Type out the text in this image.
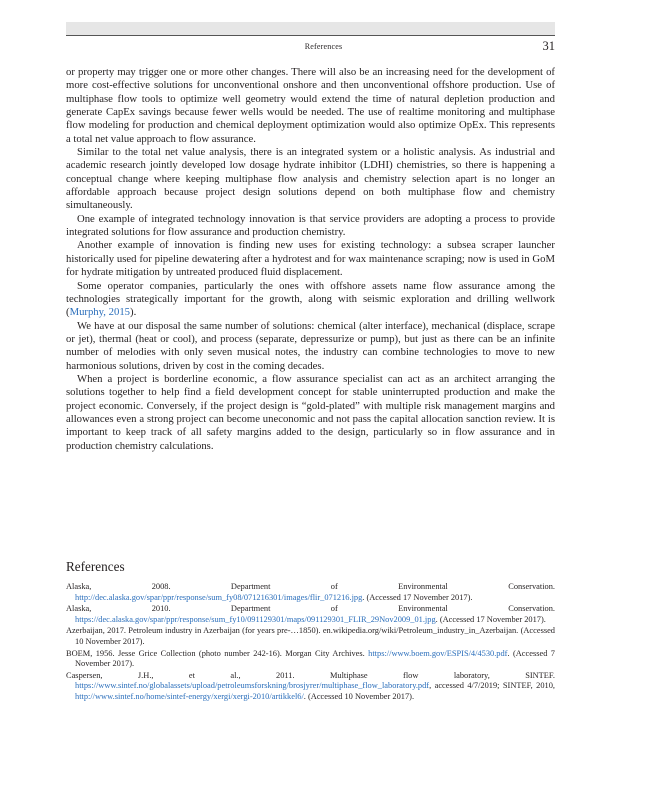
References	31

or property may trigger one or more other changes. There will also be an increasing need for the development of more cost-effective solutions for unconventional onshore and then unconventional offshore production. Use of multiphase flow tools to optimize well geometry would extend the time of natural depletion production and generate CapEx savings because fewer wells would be needed. The use of realtime monitoring and multiphase flow modeling for production and chemical deployment optimization would also optimize OpEx. This represents a total net value approach to flow assurance.

Similar to the total net value analysis, there is an integrated system or a holistic analysis. As industrial and academic research jointly developed low dosage hydrate inhibitor (LDHI) chemistries, so there is happening a conceptual change where keeping multiphase flow analysis and chemistry selection apart is no longer an affordable approach because project design solutions depend on both multiphase flow and chemistry simultaneously.

One example of integrated technology innovation is that service providers are adopting a process to provide integrated solutions for flow assurance and production chemistry.

Another example of innovation is finding new uses for existing technology: a subsea scraper launcher historically used for pipeline dewatering after a hydrotest and for wax maintenance scraping; now is used in GoM for hydrate mitigation by untreated produced fluid displacement.

Some operator companies, particularly the ones with offshore assets name flow assurance among the technologies strategically important for the growth, along with seismic exploration and drilling wellwork (Murphy, 2015).

We have at our disposal the same number of solutions: chemical (alter interface), mechanical (displace, scrape or jet), thermal (heat or cool), and process (separate, depressurize or pump), but just as there can be an infinite number of melodies with only seven musical notes, the industry can combine technologies to move to new harmonious solutions, driven by cost in the coming decades.

When a project is borderline economic, a flow assurance specialist can act as an architect arranging the solutions together to help find a field development concept for stable uninterrupted production and make the project economic. Conversely, if the project design is “gold-plated” with multiple risk management margins and allowances even a strong project can become uneconomic and not pass the capital allocation sanction review. It is important to keep track of all safety margins added to the design, particularly so in flow assurance and in production chemistry calculations.

References

Alaska, 2008. Department of Environmental Conservation. http://dec.alaska.gov/spar/ppr/response/sum_fy08/071216301/images/flir_071216.jpg. (Accessed 17 November 2017).

Alaska, 2010. Department of Environmental Conservation. https://dec.alaska.gov/spar/ppr/response/sum_fy10/091129301/maps/091129301_FLIR_29Nov2009_01.jpg. (Accessed 17 November 2017).

Azerbaijan, 2017. Petroleum industry in Azerbaijan (for years pre-…1850). en.wikipedia.org/wiki/Petroleum_industry_in_Azerbaijan. (Accessed 10 November 2017).

BOEM, 1956. Jesse Grice Collection (photo number 242-16). Morgan City Archives. https://www.boem.gov/ESPIS/4/4530.pdf. (Accessed 7 November 2017).

Caspersen, J.H., et al., 2011. Multiphase flow laboratory, SINTEF. https://www.sintef.no/globalassets/upload/petroleumsforskning/brosjyrer/multiphase_flow_laboratory.pdf, accessed 4/7/2019; SINTEF, 2010, http://www.sintef.no/home/sintef-energy/xergi/xergi-2010/artikkel6/. (Accessed 10 November 2017).
